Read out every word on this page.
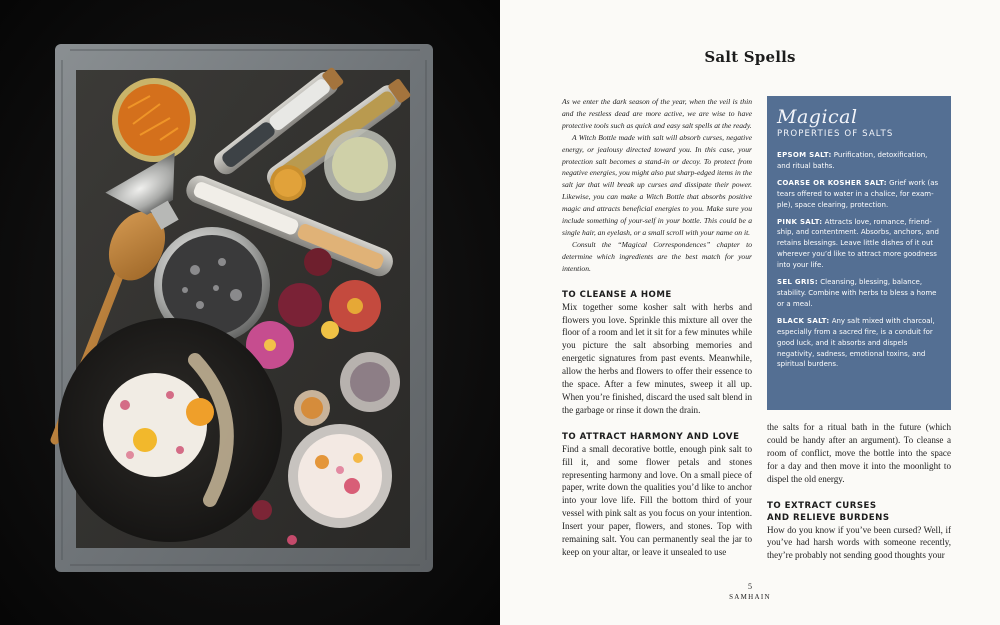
Salt Spells

As we enter the dark season of the year, when the veil is thin and the restless dead are more active, we are wise to have protective tools such as quick and easy salt spells at the ready.

A Witch Bottle made with salt will absorb curses, negative energy, or jealousy directed toward you. In this case, your protection salt becomes a stand-in or decoy. To protect from negative energies, you might also put sharp-edged items in the salt jar that will break up curses and dissipate their power. Likewise, you can make a Witch Bottle that absorbs positive magic and attracts beneficial energies to you. Make sure you include something of your-self in your bottle. This could be a single hair, an eyelash, or a small scroll with your name on it.

Consult the “Magical Correspondences” chapter to determine which ingredients are the best match for your intention.

TO CLEANSE A HOME

Mix together some kosher salt with herbs and flowers you love. Sprinkle this mixture all over the floor of a room and let it sit for a few minutes while you picture the salt absorbing memories and energetic signatures from past events. Meanwhile, allow the herbs and flowers to offer their essence to the space. After a few minutes, sweep it all up. When you’re finished, discard the used salt blend in the garbage or rinse it down the drain.

TO ATTRACT HARMONY AND LOVE

Find a small decorative bottle, enough pink salt to fill it, and some flower petals and stones representing harmony and love. On a small piece of paper, write down the qualities you’d like to anchor into your love life. Fill the bottom third of your vessel with pink salt as you focus on your intention. Insert your paper, flowers, and stones. Top with remaining salt. You can permanently seal the jar to keep on your altar, or leave it unsealed to use

Magical
PROPERTIES OF SALTS
EPSOM SALT: Purification, detoxification, and ritual baths.
COARSE OR KOSHER SALT: Grief work (as tears offered to water in a chalice, for exam-ple), space clearing, protection.
PINK SALT: Attracts love, romance, friend-ship, and contentment. Absorbs, anchors, and retains blessings. Leave little dishes of it out wherever you’d like to attract more goodness into your life.
SEL GRIS: Cleansing, blessing, balance, stability. Combine with herbs to bless a home or a meal.
BLACK SALT: Any salt mixed with charcoal, especially from a sacred fire, is a conduit for good luck, and it absorbs and dispels negativity, sadness, emotional toxins, and spiritual burdens.

the salts for a ritual bath in the future (which could be handy after an argument). To cleanse a room of conflict, move the bottle into the space for a day and then move it into the moonlight to dispel the old energy.

TO EXTRACT CURSES
AND RELIEVE BURDENS

How do you know if you’ve been cursed? Well, if you’ve had harsh words with someone recently, they’re probably not sending good thoughts your

5
SAMHAIN
